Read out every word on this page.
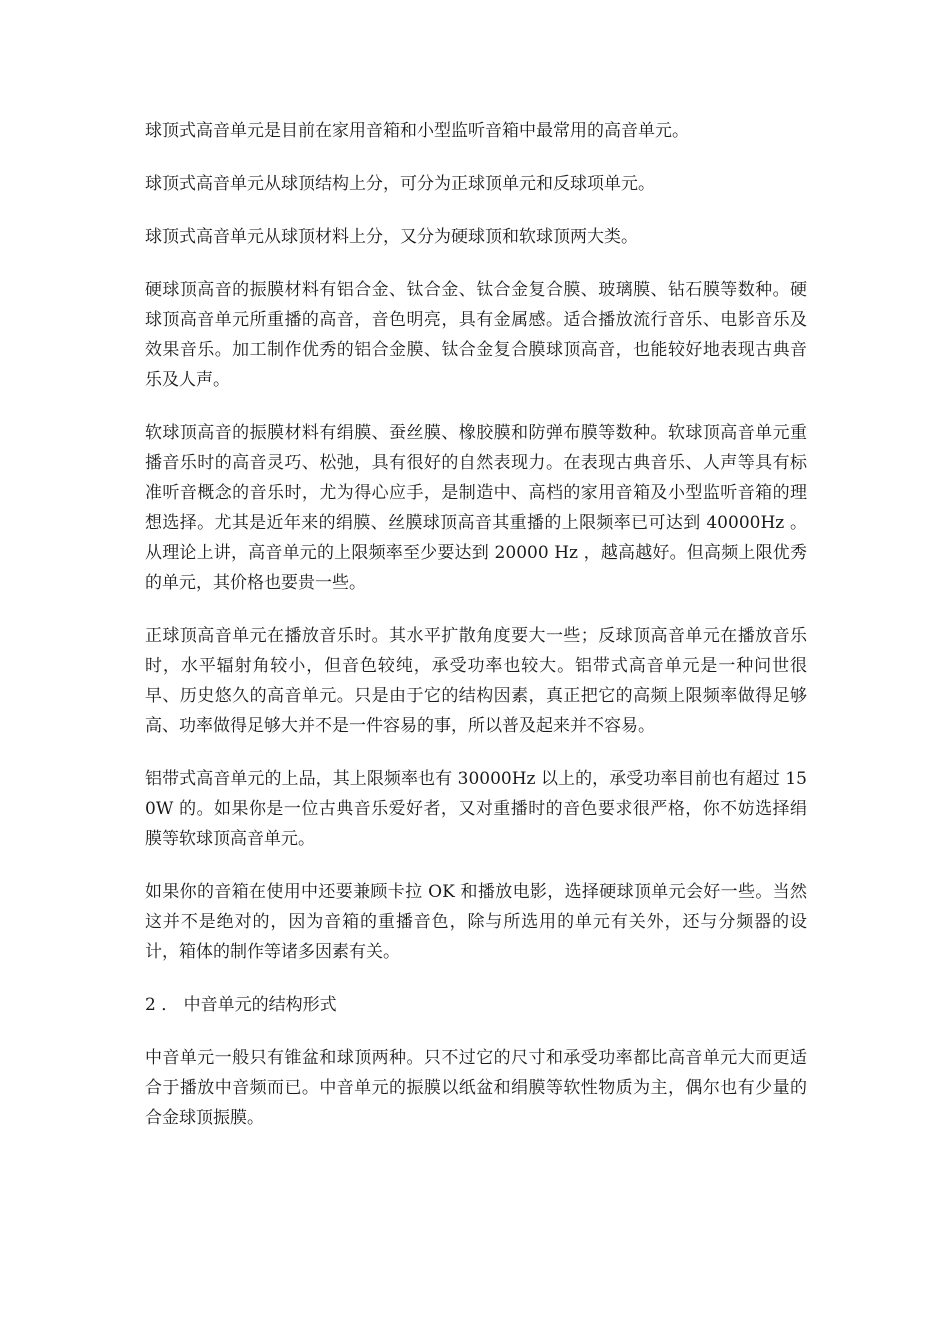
球顶式高音单元是目前在家用音箱和小型监听音箱中最常用的高音单元。

球顶式高音单元从球顶结构上分，可分为正球顶单元和反球项单元。

球顶式高音单元从球顶材料上分，又分为硬球顶和软球顶两大类。

硬球顶高音的振膜材料有铝合金、钛合金、钛合金复合膜、玻璃膜、钻石膜等数种。硬球顶高音单元所重播的高音，音色明亮，具有金属感。适合播放流行音乐、电影音乐及效果音乐。加工制作优秀的铝合金膜、钛合金复合膜球顶高音，也能较好地表现古典音乐及人声。

软球顶高音的振膜材料有绢膜、蚕丝膜、橡胶膜和防弹布膜等数种。软球顶高音单元重播音乐时的高音灵巧、松弛，具有很好的自然表现力。在表现古典音乐、人声等具有标准听音概念的音乐时，尤为得心应手，是制造中、高档的家用音箱及小型监听音箱的理想选择。尤其是近年来的绢膜、丝膜球顶高音其重播的上限频率已可达到 40000Hz 。从理论上讲，高音单元的上限频率至少要达到 20000 Hz ，越高越好。但高频上限优秀的单元，其价格也要贵一些。

正球顶高音单元在播放音乐时。其水平扩散角度要大一些；反球顶高音单元在播放音乐时，水平辐射角较小，但音色较纯，承受功率也较大。铝带式高音单元是一种问世很早、历史悠久的高音单元。只是由于它的结构因素，真正把它的高频上限频率做得足够高、功率做得足够大并不是一件容易的事，所以普及起来并不容易。

铝带式高音单元的上品，其上限频率也有 30000Hz 以上的，承受功率目前也有超过 150W 的。如果你是一位古典音乐爱好者，又对重播时的音色要求很严格，你不妨选择绢膜等软球顶高音单元。

如果你的音箱在使用中还要兼顾卡拉 OK 和播放电影，选择硬球顶单元会好一些。当然这并不是绝对的，因为音箱的重播音色，除与所选用的单元有关外，还与分频器的设计，箱体的制作等诸多因素有关。

2 ． 中音单元的结构形式

中音单元一般只有锥盆和球顶两种。只不过它的尺寸和承受功率都比高音单元大而更适合于播放中音频而已。中音单元的振膜以纸盆和绢膜等软性物质为主，偶尔也有少量的合金球顶振膜。
